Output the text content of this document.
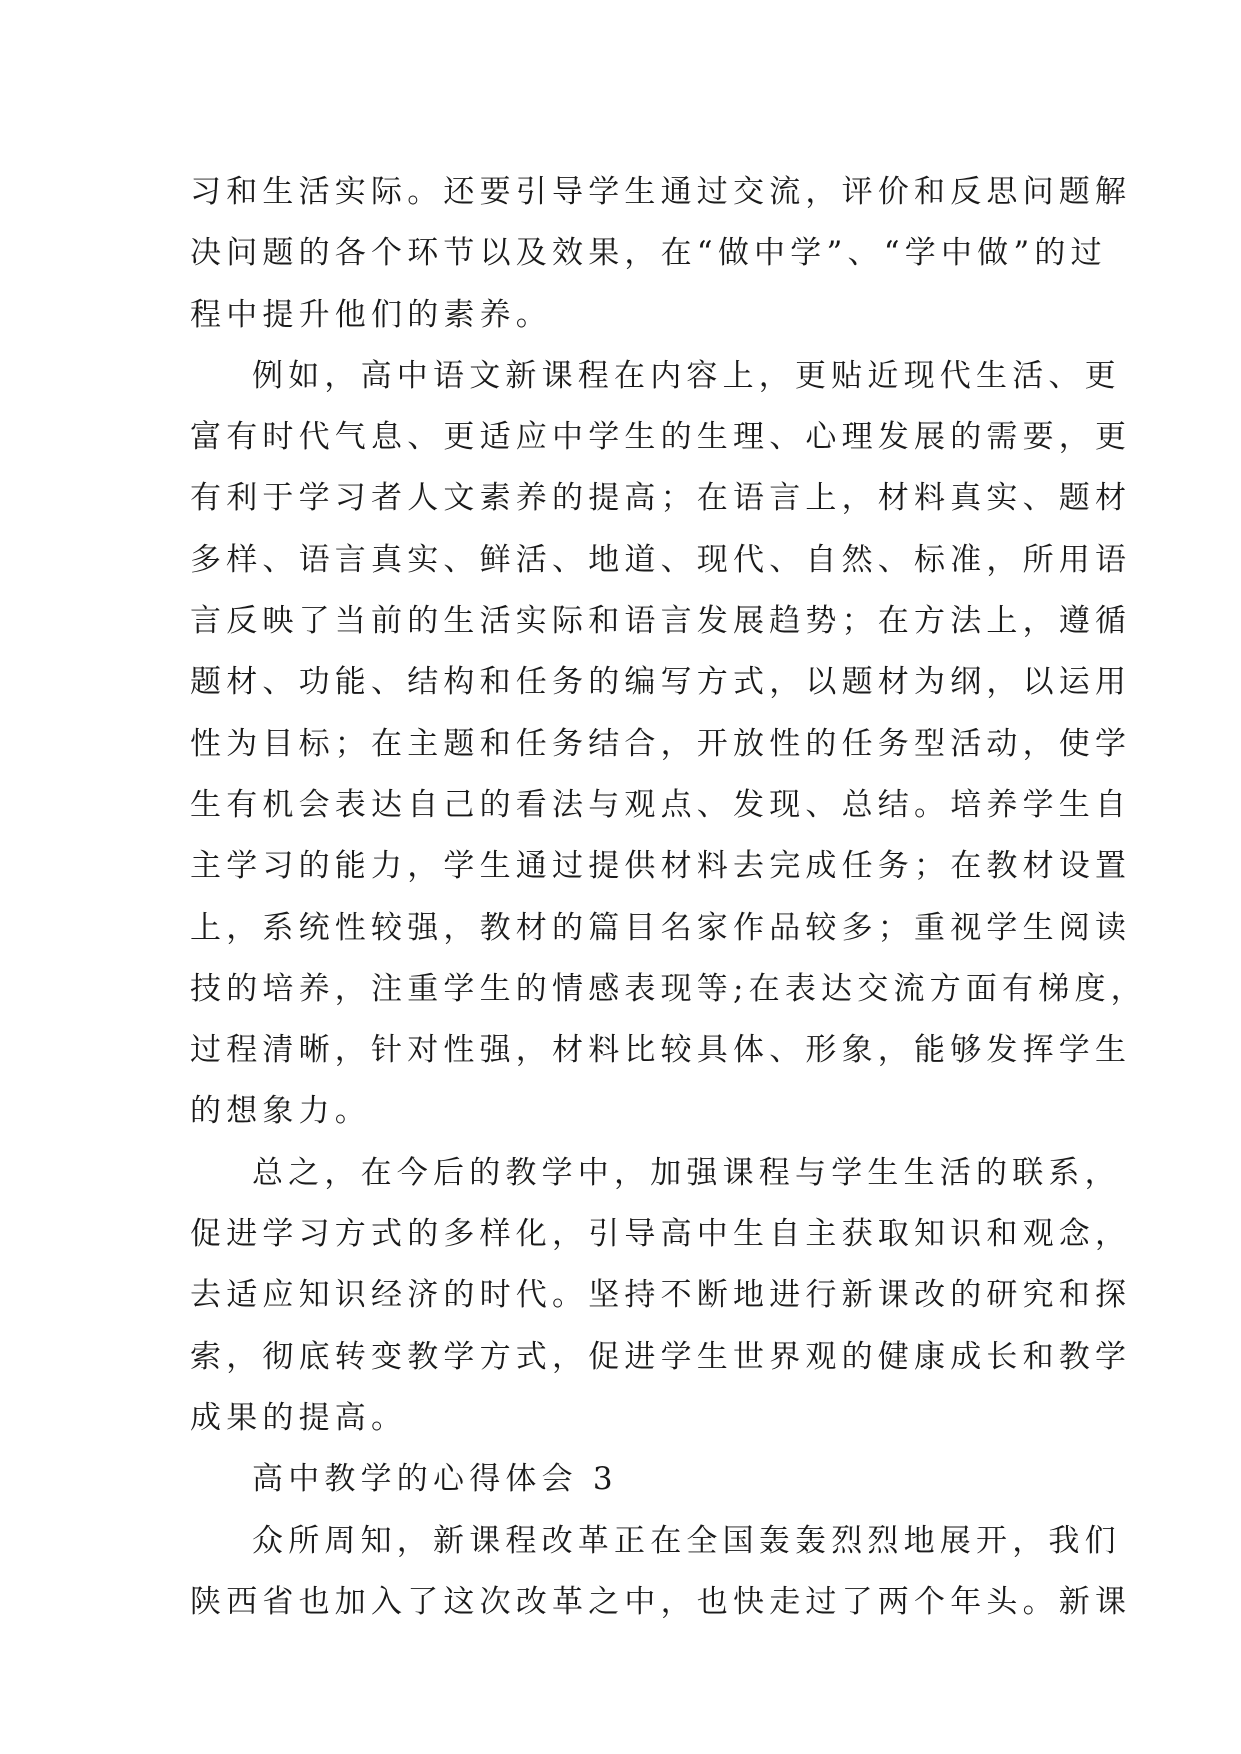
习和生活实际。还要引导学生通过交流，评价和反思问题解
决问题的各个环节以及效果，在“做中学”、“学中做”的过
程中提升他们的素养。
例如，高中语文新课程在内容上，更贴近现代生活、更
富有时代气息、更适应中学生的生理、心理发展的需要，更
有利于学习者人文素养的提高；在语言上，材料真实、题材
多样、语言真实、鲜活、地道、现代、自然、标准，所用语
言反映了当前的生活实际和语言发展趋势；在方法上，遵循
题材、功能、结构和任务的编写方式，以题材为纲，以运用
性为目标；在主题和任务结合，开放性的任务型活动，使学
生有机会表达自己的看法与观点、发现、总结。培养学生自
主学习的能力，学生通过提供材料去完成任务；在教材设置
上，系统性较强，教材的篇目名家作品较多；重视学生阅读
技的培养，注重学生的情感表现等;在表达交流方面有梯度，
过程清晰，针对性强，材料比较具体、形象，能够发挥学生
的想象力。
总之，在今后的教学中，加强课程与学生生活的联系，
促进学习方式的多样化，引导高中生自主获取知识和观念，
去适应知识经济的时代。坚持不断地进行新课改的研究和探
索，彻底转变教学方式，促进学生世界观的健康成长和教学
成果的提高。
高中教学的心得体会 3
众所周知，新课程改革正在全国轰轰烈烈地展开，我们
陕西省也加入了这次改革之中，也快走过了两个年头。新课
